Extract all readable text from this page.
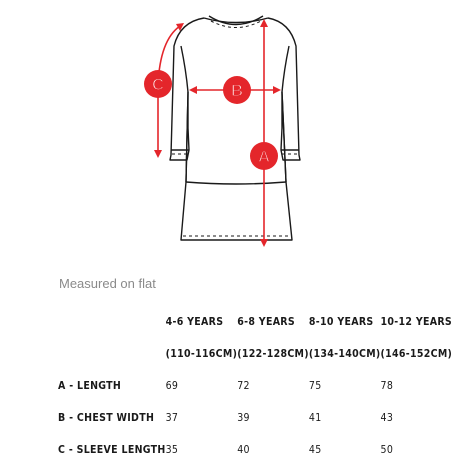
A
B
C
Measured on flat
	4-6 YEARS	6-8 YEARS	8-10 YEARS	10-12 YEARS
	(110-116CM)	(122-128CM)	(134-140CM)	(146-152CM)
A - LENGTH	69	72	75	78
B - CHEST WIDTH	37	39	41	43
C - SLEEVE LENGTH	35	40	45	50
